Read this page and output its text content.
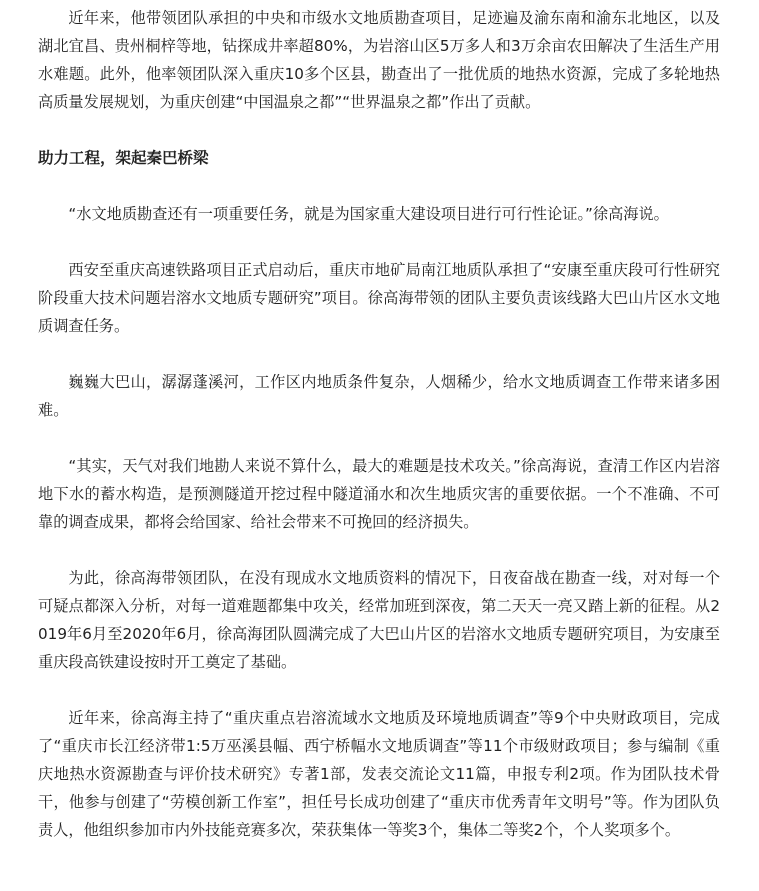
近年来，他带领团队承担的中央和市级水文地质勘查项目，足迹遍及渝东南和渝东北地区，以及湖北宜昌、贵州桐梓等地，钻探成井率超80%，为岩溶山区5万多人和3万余亩农田解决了生活生产用水难题。此外，他率领团队深入重庆10多个区县，勘查出了一批优质的地热水资源，完成了多轮地热高质量发展规划，为重庆创建“中国温泉之都”“世界温泉之都”作出了贡献。

助力工程，架起秦巴桥梁

“水文地质勘查还有一项重要任务，就是为国家重大建设项目进行可行性论证。”徐高海说。

西安至重庆高速铁路项目正式启动后，重庆市地矿局南江地质队承担了“安康至重庆段可行性研究阶段重大技术问题岩溶水文地质专题研究”项目。徐高海带领的团队主要负责该线路大巴山片区水文地质调查任务。

巍巍大巴山，潺潺蓬溪河，工作区内地质条件复杂，人烟稀少，给水文地质调查工作带来诸多困难。

“其实，天气对我们地勘人来说不算什么，最大的难题是技术攻关。”徐高海说，查清工作区内岩溶地下水的蓄水构造，是预测隧道开挖过程中隧道涌水和次生地质灾害的重要依据。一个不准确、不可靠的调查成果，都将会给国家、给社会带来不可挽回的经济损失。

为此，徐高海带领团队，在没有现成水文地质资料的情况下，日夜奋战在勘查一线，对对每一个可疑点都深入分析，对每一道难题都集中攻关，经常加班到深夜，第二天天一亮又踏上新的征程。从2019年6月至2020年6月，徐高海团队圆满完成了大巴山片区的岩溶水文地质专题研究项目，为安康至重庆段高铁建设按时开工奠定了基础。

近年来，徐高海主持了“重庆重点岩溶流域水文地质及环境地质调查”等9个中央财政项目，完成了“重庆市长江经济带1:5万巫溪县幅、西宁桥幅水文地质调查”等11个市级财政项目；参与编制《重庆地热水资源勘查与评价技术研究》专著1部，发表交流论文11篇，申报专利2项。作为团队技术骨干，他参与创建了“劳模创新工作室”，担任号长成功创建了“重庆市优秀青年文明号”等。作为团队负责人，他组织参加市内外技能竞赛多次，荣获集体一等奖3个，集体二等奖2个，个人奖项多个。
